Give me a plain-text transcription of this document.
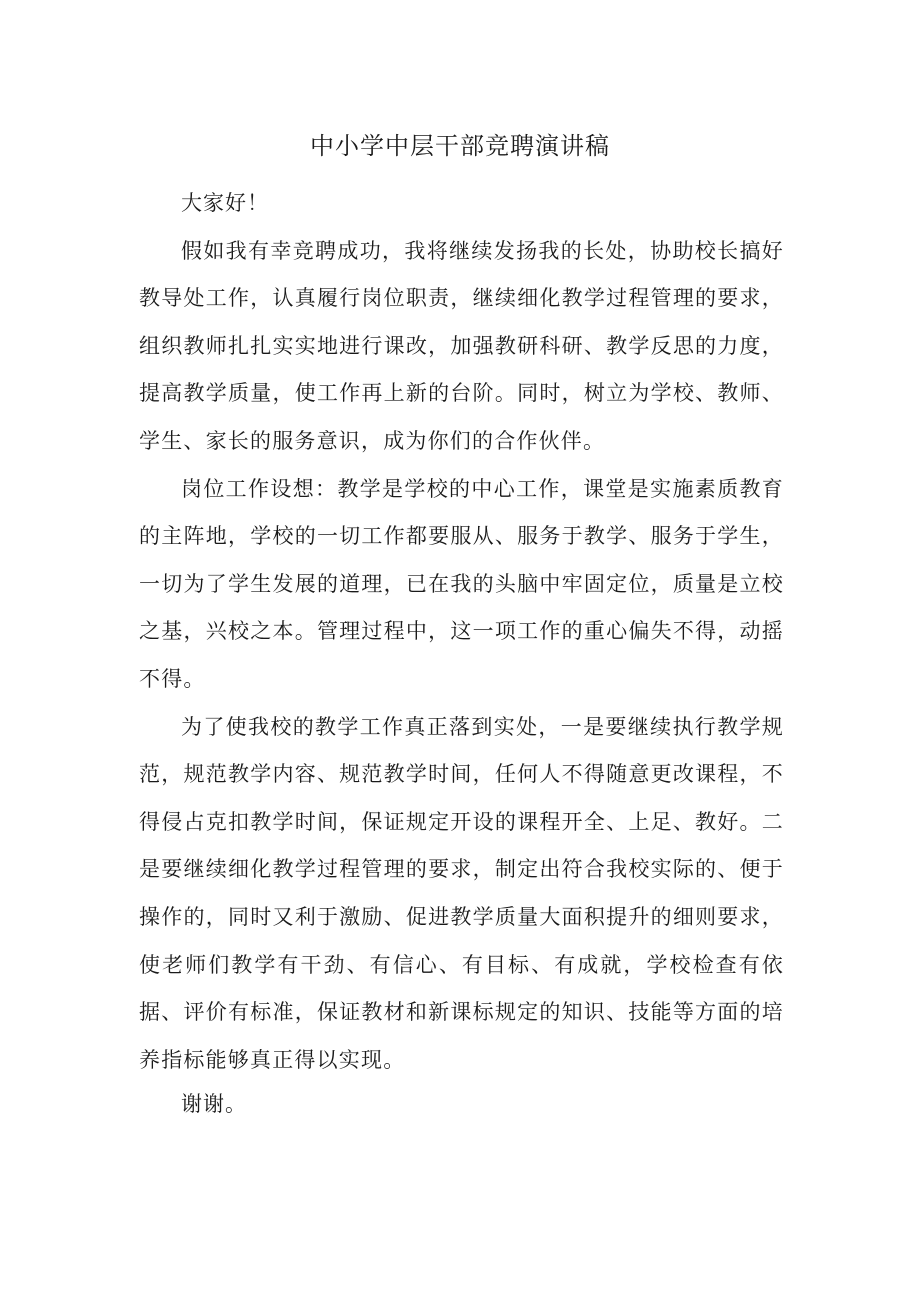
中小学中层干部竞聘演讲稿

大家好！

假如我有幸竞聘成功，我将继续发扬我的长处，协助校长搞好教导处工作，认真履行岗位职责，继续细化教学过程管理的要求，组织教师扎扎实实地进行课改，加强教研科研、教学反思的力度，提高教学质量，使工作再上新的台阶。同时，树立为学校、教师、学生、家长的服务意识，成为你们的合作伙伴。

岗位工作设想：教学是学校的中心工作，课堂是实施素质教育的主阵地，学校的一切工作都要服从、服务于教学、服务于学生，一切为了学生发展的道理，已在我的头脑中牢固定位，质量是立校之基，兴校之本。管理过程中，这一项工作的重心偏失不得，动摇不得。

为了使我校的教学工作真正落到实处，一是要继续执行教学规范，规范教学内容、规范教学时间，任何人不得随意更改课程，不得侵占克扣教学时间，保证规定开设的课程开全、上足、教好。二是要继续细化教学过程管理的要求，制定出符合我校实际的、便于操作的，同时又利于激励、促进教学质量大面积提升的细则要求，使老师们教学有干劲、有信心、有目标、有成就，学校检查有依据、评价有标准，保证教材和新课标规定的知识、技能等方面的培养指标能够真正得以实现。

谢谢。
